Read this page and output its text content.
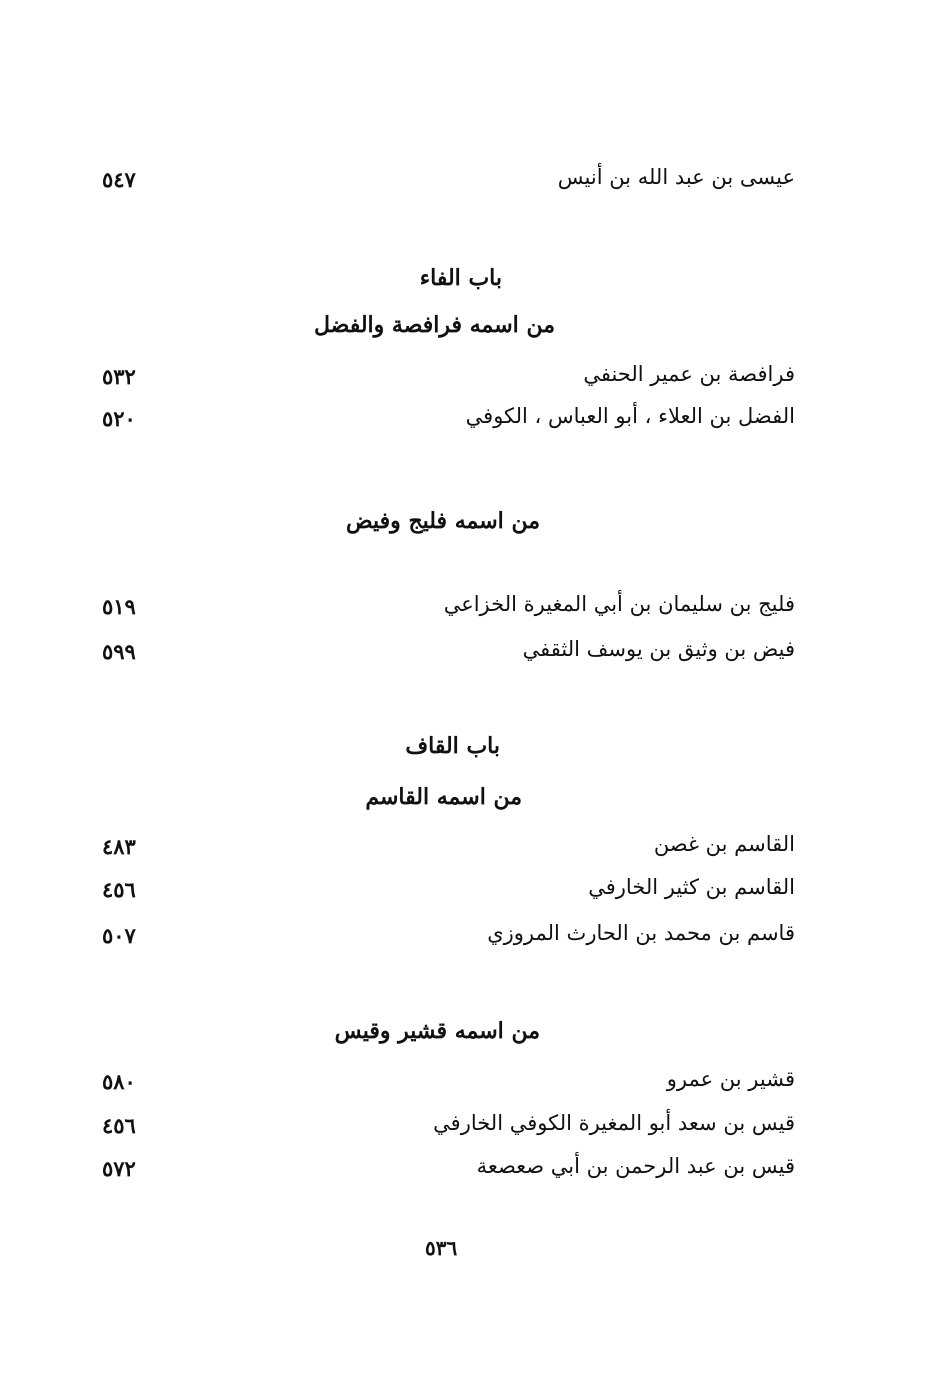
عيسى بن عبد الله بن أنيس
٥٤٧
باب الفاء
من اسمه فرافصة والفضل
فرافصة بن عمير الحنفي
٥٣٢
الفضل بن العلاء ، أبو العباس ، الكوفي
٥٢٠
من اسمه فليج وفيض
فليج بن سليمان بن أبي المغيرة الخزاعي
٥١٩
فيض بن وثيق بن يوسف الثقفي
٥٩٩
باب القاف
من اسمه القاسم
القاسم بن غصن
٤٨٣
القاسم بن كثير الخارفي
٤٥٦
قاسم بن محمد بن الحارث المروزي
٥٠٧
من اسمه قشير وقيس
قشير بن عمرو
٥٨٠
قيس بن سعد أبو المغيرة الكوفي الخارفي
٤٥٦
قيس بن عبد الرحمن بن أبي صعصعة
٥٧٢
٥٣٦
